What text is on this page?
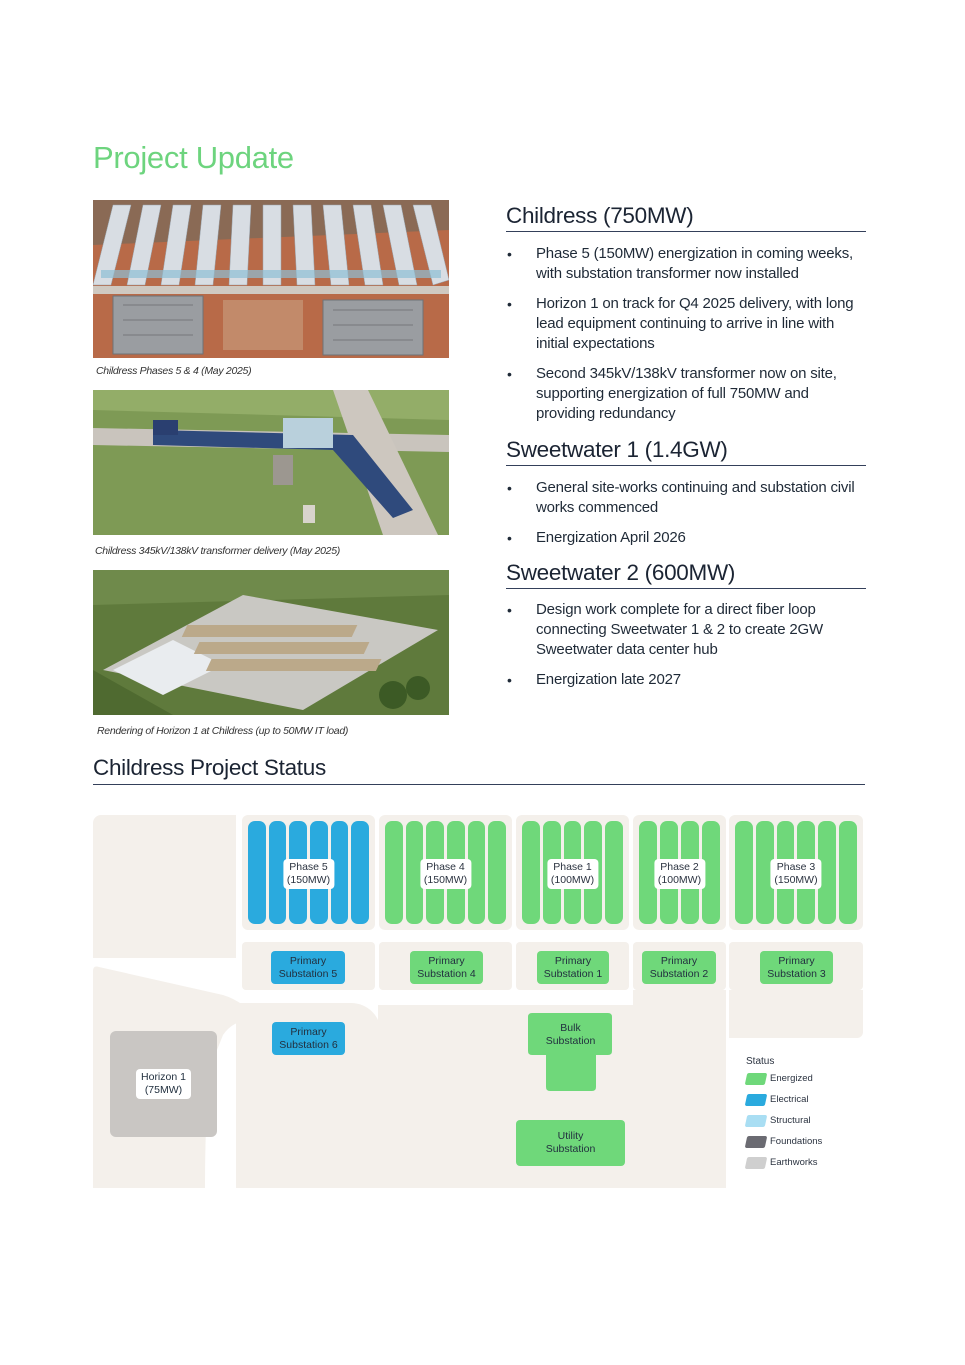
Project Update
Childress Phases 5 & 4 (May 2025)
Childress 345kV/138kV transformer delivery (May 2025)
Rendering of Horizon 1 at Childress (up to 50MW IT load)
Childress (750MW)
• Phase 5 (150MW) energization in coming weeks, with substation transformer now installed
• Horizon 1 on track for Q4 2025 delivery, with long lead equipment continuing to arrive in line with initial expectations
• Second 345kV/138kV transformer now on site, supporting energization of full 750MW and providing redundancy
Sweetwater 1 (1.4GW)
• General site-works continuing and substation civil works commenced
• Energization April 2026
Sweetwater 2 (600MW)
• Design work complete for a direct fiber loop connecting Sweetwater 1 & 2 to create 2GW Sweetwater data center hub
• Energization late 2027
Childress Project Status
Phase 5
(150MW)
Phase 4
(150MW)
Phase 1
(100MW)
Phase 2
(100MW)
Phase 3
(150MW)
Primary
Substation 5
Primary
Substation 4
Primary
Substation 1
Primary
Substation 2
Primary
Substation 3
Primary
Substation 6
Bulk
Substation
Utility
Substation
Horizon 1
(75MW)
Status
Energized
Electrical
Structural
Foundations
Earthworks
